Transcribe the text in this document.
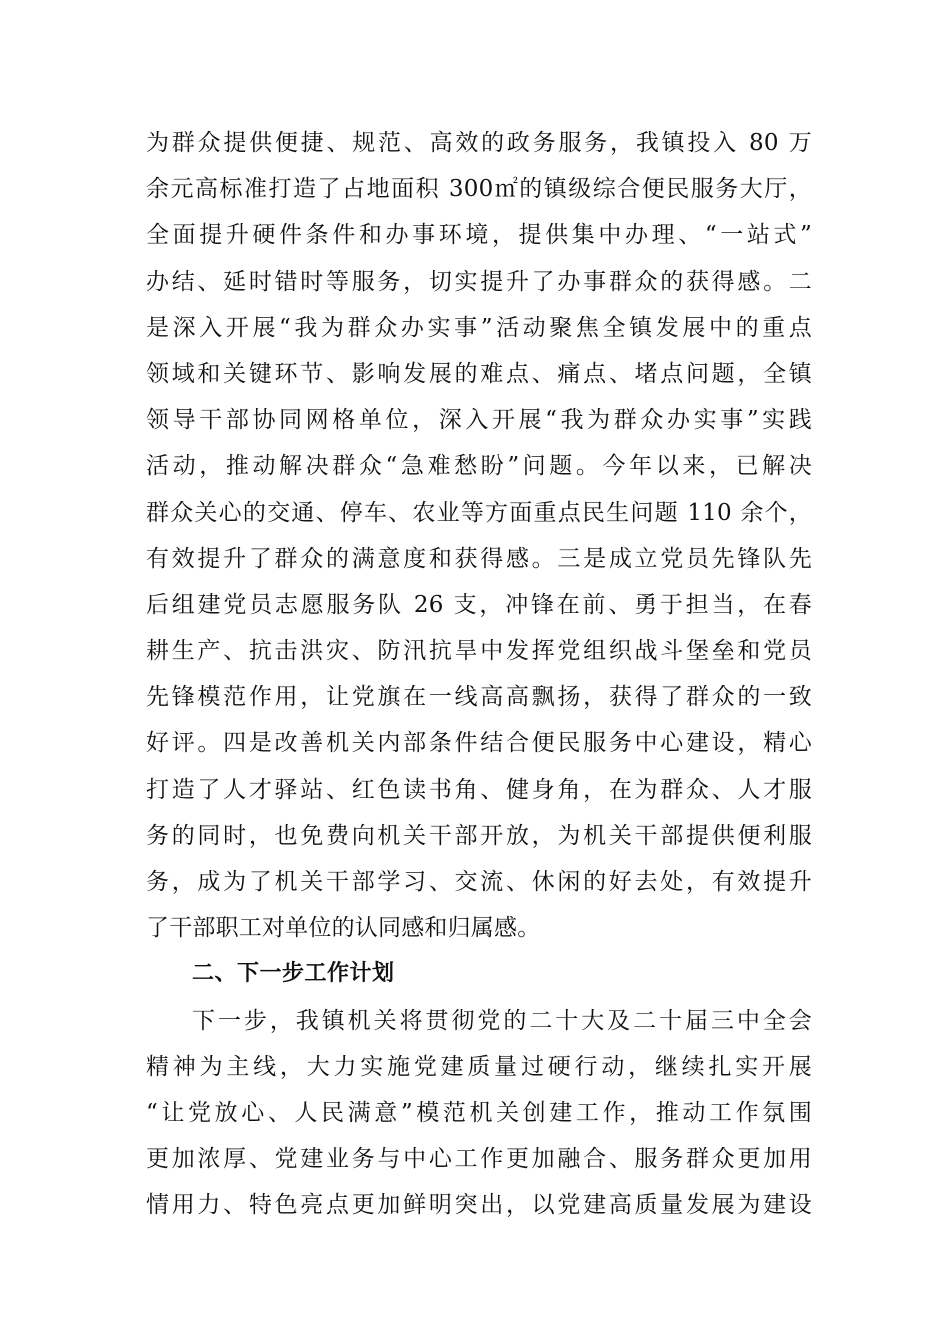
为群众提供便捷、规范、高效的政务服务，我镇投入 80 万
余元高标准打造了占地面积 300㎡的镇级综合便民服务大厅，
全面提升硬件条件和办事环境，提供集中办理、“一站式”
办结、延时错时等服务，切实提升了办事群众的获得感。二
是深入开展“我为群众办实事”活动聚焦全镇发展中的重点
领域和关键环节、影响发展的难点、痛点、堵点问题，全镇
领导干部协同网格单位，深入开展“我为群众办实事”实践
活动，推动解决群众“急难愁盼”问题。今年以来，已解决
群众关心的交通、停车、农业等方面重点民生问题 110 余个，
有效提升了群众的满意度和获得感。三是成立党员先锋队先
后组建党员志愿服务队 26 支，冲锋在前、勇于担当，在春
耕生产、抗击洪灾、防汛抗旱中发挥党组织战斗堡垒和党员
先锋模范作用，让党旗在一线高高飘扬，获得了群众的一致
好评。四是改善机关内部条件结合便民服务中心建设，精心
打造了人才驿站、红色读书角、健身角，在为群众、人才服
务的同时，也免费向机关干部开放，为机关干部提供便利服
务，成为了机关干部学习、交流、休闲的好去处，有效提升
了干部职工对单位的认同感和归属感。
二、下一步工作计划
下一步，我镇机关将贯彻党的二十大及二十届三中全会
精神为主线，大力实施党建质量过硬行动，继续扎实开展
“让党放心、人民满意”模范机关创建工作，推动工作氛围
更加浓厚、党建业务与中心工作更加融合、服务群众更加用
情用力、特色亮点更加鲜明突出，以党建高质量发展为建设
